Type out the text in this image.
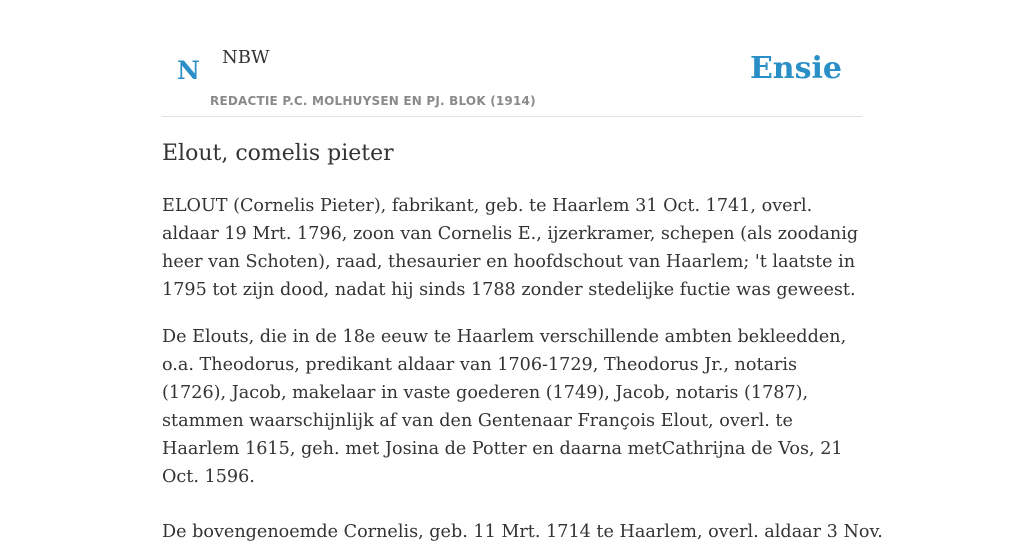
N NBW
REDACTIE P.C. MOLHUYSEN EN PJ. BLOK (1914)
Ensie
Elout, comelis pieter

ELOUT (Cornelis Pieter), fabrikant, geb. te Haarlem 31 Oct. 1741, overl. aldaar 19 Mrt. 1796, zoon van Cornelis E., ijzerkramer, schepen (als zoodanig heer van Schoten), raad, thesaurier en hoofdschout van Haarlem; 't laatste in 1795 tot zijn dood, nadat hij sinds 1788 zonder stedelijke fuctie was geweest.

De Elouts, die in de 18e eeuw te Haarlem verschillende ambten bekleedden, o.a. Theodorus, predikant aldaar van 1706-1729, Theodorus Jr., notaris (1726), Jacob, makelaar in vaste goederen (1749), Jacob, notaris (1787), stammen waarschijnlijk af van den Gentenaar François Elout, overl. te Haarlem 1615, geh. met Josina de Potter en daarna metCathrijna de Vos, 21 Oct. 1596.

De bovengenoemde Cornelis, geb. 11 Mrt. 1714 te Haarlem, overl. aldaar 3 Nov.
